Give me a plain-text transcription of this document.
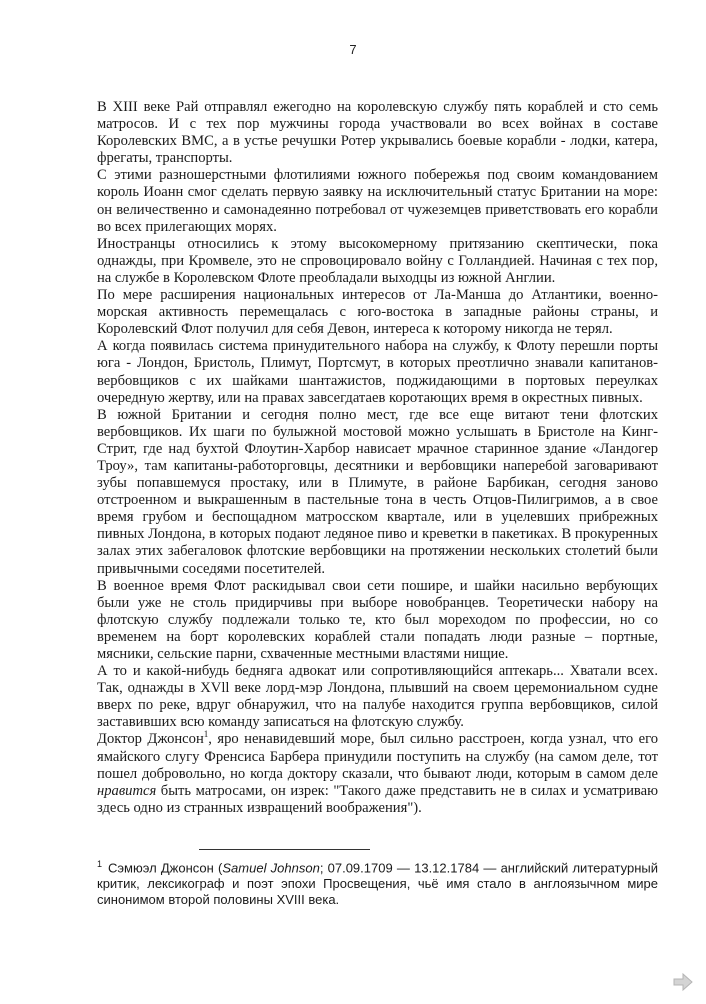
7

В XIII веке Рай отправлял ежегодно на королевскую службу пять кораблей и сто семь матросов. И с тех пор мужчины города участвовали во всех войнах в составе Королевских ВМС, а в устье речушки Ротер укрывались боевые корабли - лодки, катера, фрегаты, транспорты.

С этими разношерстными флотилиями южного побережья под своим командованием король Иоанн смог сделать первую заявку на исключительный статус Британии на море: он величественно и самонадеянно потребовал от чужеземцев приветствовать его корабли во всех прилегающих морях.

Иностранцы относились к этому высокомерному притязанию скептически, пока однажды, при Кромвеле, это не спровоцировало войну с Голландией. Начиная с тех пор, на службе в Королевском Флоте преобладали выходцы из южной Англии.

По мере расширения национальных интересов от Ла-Манша до Атлантики, военно-морская активность перемещалась с юго-востока в западные районы страны, и Королевский Флот получил для себя Девон, интереса к которому никогда не терял.

А когда появилась система принудительного набора на службу, к Флоту перешли порты юга - Лондон, Бристоль, Плимут, Портсмут, в которых преотлично знавали капитанов-вербовщиков с их шайками шантажистов, поджидающими в портовых переулках очередную жертву, или на правах завсегдатаев коротающих время в окрестных пивных.

В южной Британии и сегодня полно мест, где все еще витают тени флотских вербовщиков. Их шаги по булыжной мостовой можно услышать в Бристоле на Кинг-Стрит, где над бухтой Флоутин-Харбор нависает мрачное старинное здание «Ландогер Троу», там капитаны-работорговцы, десятники и вербовщики наперебой заговаривают зубы попавшемуся простаку, или в Плимуте, в районе Барбикан, сегодня заново отстроенном и выкрашенным в пастельные тона в честь Отцов-Пилигримов, а в свое время грубом и беспощадном матросском квартале, или в уцелевших прибрежных пивных Лондона, в которых подают ледяное пиво и креветки в пакетиках. В прокуренных залах этих забегаловок флотские вербовщики на протяжении нескольких столетий были привычными соседями посетителей.

В военное время Флот раскидывал свои сети пошире, и шайки насильно вербующих были уже не столь придирчивы при выборе новобранцев. Теоретически набору на флотскую службу подлежали только те, кто был мореходом по профессии, но со временем на борт королевских кораблей стали попадать люди разные – портные, мясники, сельские парни, схваченные местными властями нищие.

А то и какой-нибудь бедняга адвокат или сопротивляющийся аптекарь... Хватали всех. Так, однажды в XVll веке лорд-мэр Лондона, плывший на своем церемониальном судне вверх по реке, вдруг обнаружил, что на палубе находится группа вербовщиков, силой заставивших всю команду записаться на флотскую службу.

Доктор Джонсон$^1$, яро ненавидевший море, был сильно расстроен, когда узнал, что его ямайского слугу Френсиса Барбера принудили поступить на службу (на самом деле, тот пошел добровольно, но когда доктору сказали, что бывают люди, которым в самом деле нравится быть матросами, он изрек: "Такого даже представить не в силах и усматриваю здесь одно из странных извращений воображения").

$^1$ Сэмюэл Джонсон (Samuel Johnson; 07.09.1709 — 13.12.1784 — английский литературный критик, лексикограф и поэт эпохи Просвещения, чьё имя стало в англоязычном мире синонимом второй половины XVIII века.
